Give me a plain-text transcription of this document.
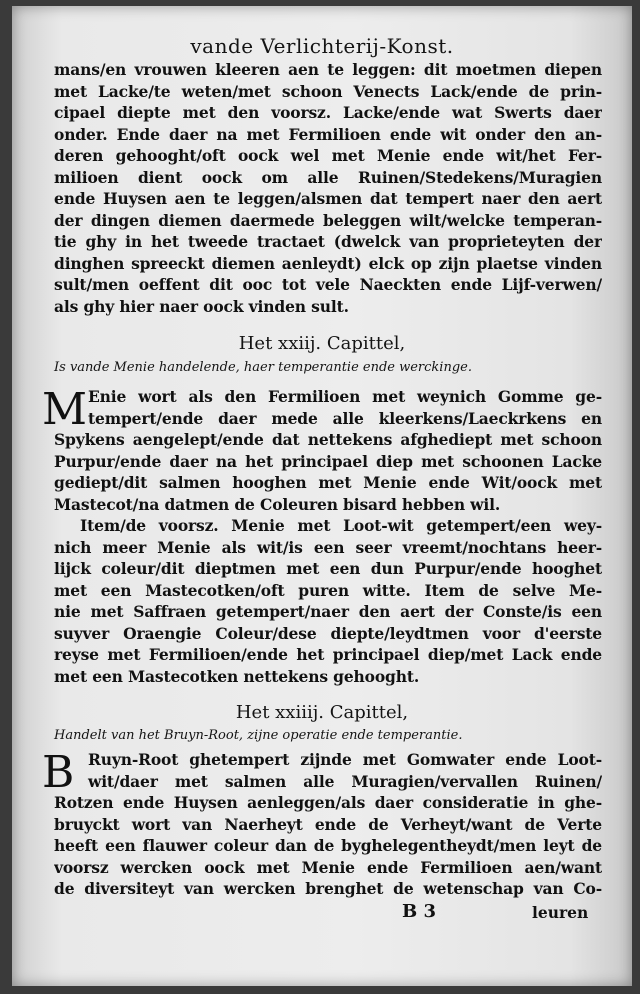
vande Verlichterij-Konst.
mans/en vrouwen kleeren aen te leggen: dit moetmen diepen
met Lacke/te weten/met schoon Venects Lack/ende de prin-
cipael diepte met den voorsz. Lacke/ende wat Swerts daer
onder. Ende daer na met Fermilioen ende wit onder den an-
deren gehooght/oft oock wel met Menie ende wit/het Fer-
milioen dient oock om alle Ruinen/Stedekens/Muragien
ende Huysen aen te leggen/alsmen dat tempert naer den aert
der dingen diemen daermede beleggen wilt/welcke temperan-
tie ghy in het tweede tractaet (dwelck van proprieteyten der
dinghen spreeckt diemen aenleydt) elck op zijn plaetse vinden
sult/men oeffent dit ooc tot vele Naeckten ende Lijf-verwen/
als ghy hier naer oock vinden sult.
Het xxiij. Capittel,
Is vande Menie handelende, haer temperantie ende werckinge.
M Enie wort als den Fermilioen met weynich Gomme ge-
tempert/ende daer mede alle kleerkens/Laeckrkens en
Spykens aengelept/ende dat nettekens afghediept met schoon
Purpur/ende daer na het principael diep met schoonen Lacke
gediept/dit salmen hooghen met Menie ende Wit/oock met
Mastecot/na datmen de Coleuren bisard hebben wil.
Item/de voorsz. Menie met Loot-wit getempert/een wey-
nich meer Menie als wit/is een seer vreemt/nochtans heer-
lijck coleur/dit dieptmen met een dun Purpur/ende hooghet
met een Mastecotken/oft puren witte. Item de selve Me-
nie met Saffraen getempert/naer den aert der Conste/is een
suyver Oraengie Coleur/dese diepte/leydtmen voor d'eerste
reyse met Fermilioen/ende het principael diep/met Lack ende
met een Mastecotken nettekens gehooght.
Het xxiiij. Capittel,
Handelt van het Bruyn-Root, zijne operatie ende temperantie.
B Ruyn-Root ghetempert zijnde met Gomwater ende Loot-
wit/daer met salmen alle Muragien/vervallen Ruinen/
Rotzen ende Huysen aenleggen/als daer consideratie in ghe-
bruyckt wort van Naerheyt ende de Verheyt/want de Verte
heeft een flauwer coleur dan de byghelegentheydt/men leyt de
voorsz wercken oock met Menie ende Fermilioen aen/want
de diversiteyt van wercken brenghet de wetenschap van Co-
B 3	leuren
